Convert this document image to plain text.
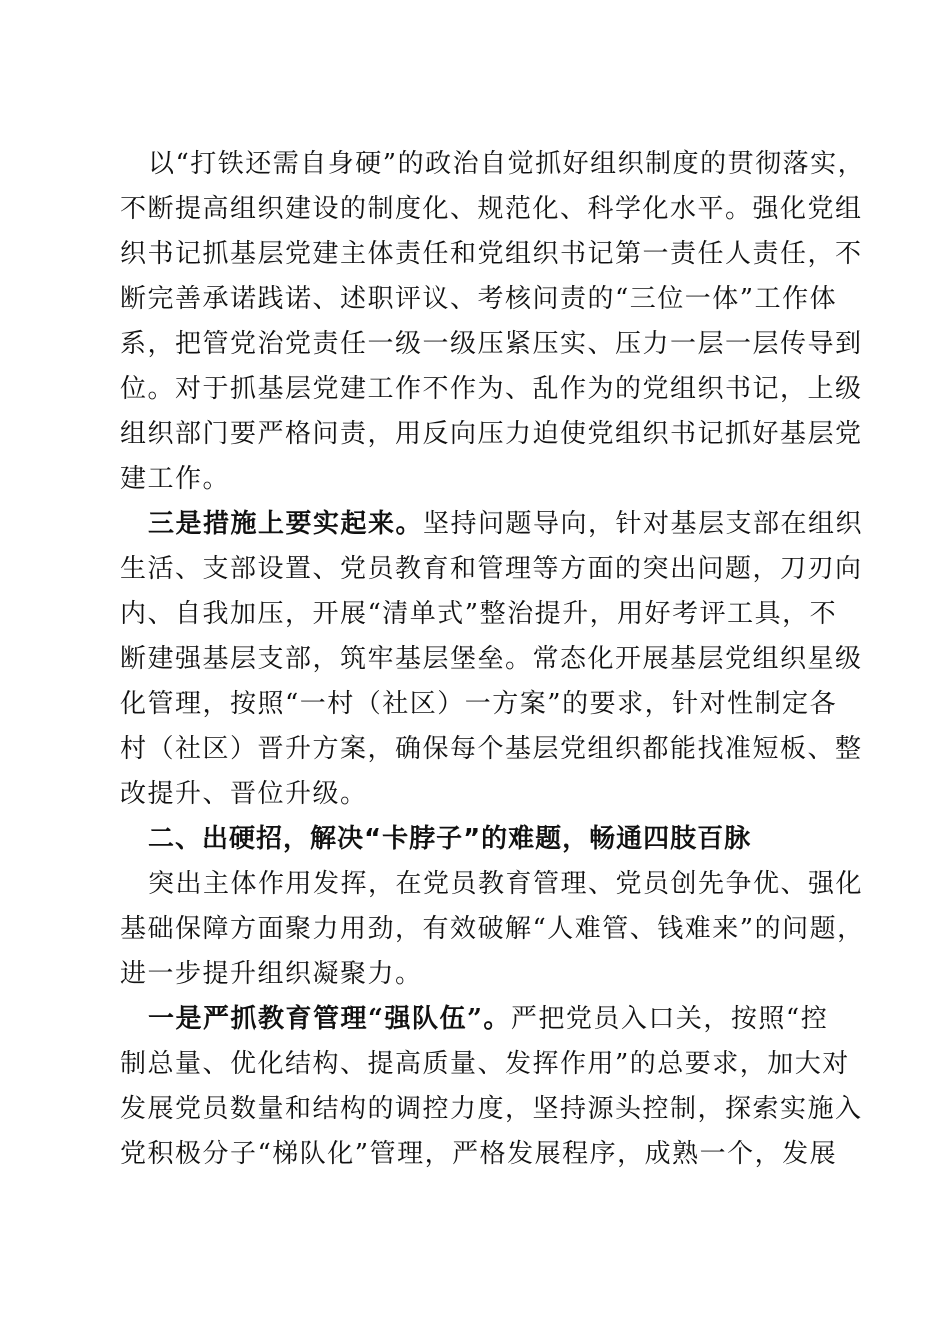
以“打铁还需自身硬”的政治自觉抓好组织制度的贯彻落实，
不断提高组织建设的制度化、规范化、科学化水平。强化党组
织书记抓基层党建主体责任和党组织书记第一责任人责任，不
断完善承诺践诺、述职评议、考核问责的“三位一体”工作体
系，把管党治党责任一级一级压紧压实、压力一层一层传导到
位。对于抓基层党建工作不作为、乱作为的党组织书记，上级
组织部门要严格问责，用反向压力迫使党组织书记抓好基层党
建工作。
三是措施上要实起来。坚持问题导向，针对基层支部在组织
生活、支部设置、党员教育和管理等方面的突出问题，刀刃向
内、自我加压，开展“清单式”整治提升，用好考评工具，不
断建强基层支部，筑牢基层堡垒。常态化开展基层党组织星级
化管理，按照“一村（社区）一方案”的要求，针对性制定各
村（社区）晋升方案，确保每个基层党组织都能找准短板、整
改提升、晋位升级。
二、出硬招，解决“卡脖子”的难题，畅通四肢百脉
突出主体作用发挥，在党员教育管理、党员创先争优、强化
基础保障方面聚力用劲，有效破解“人难管、钱难来”的问题，
进一步提升组织凝聚力。
一是严抓教育管理“强队伍”。严把党员入口关，按照“控
制总量、优化结构、提高质量、发挥作用”的总要求，加大对
发展党员数量和结构的调控力度，坚持源头控制，探索实施入
党积极分子“梯队化”管理，严格发展程序，成熟一个，发展
